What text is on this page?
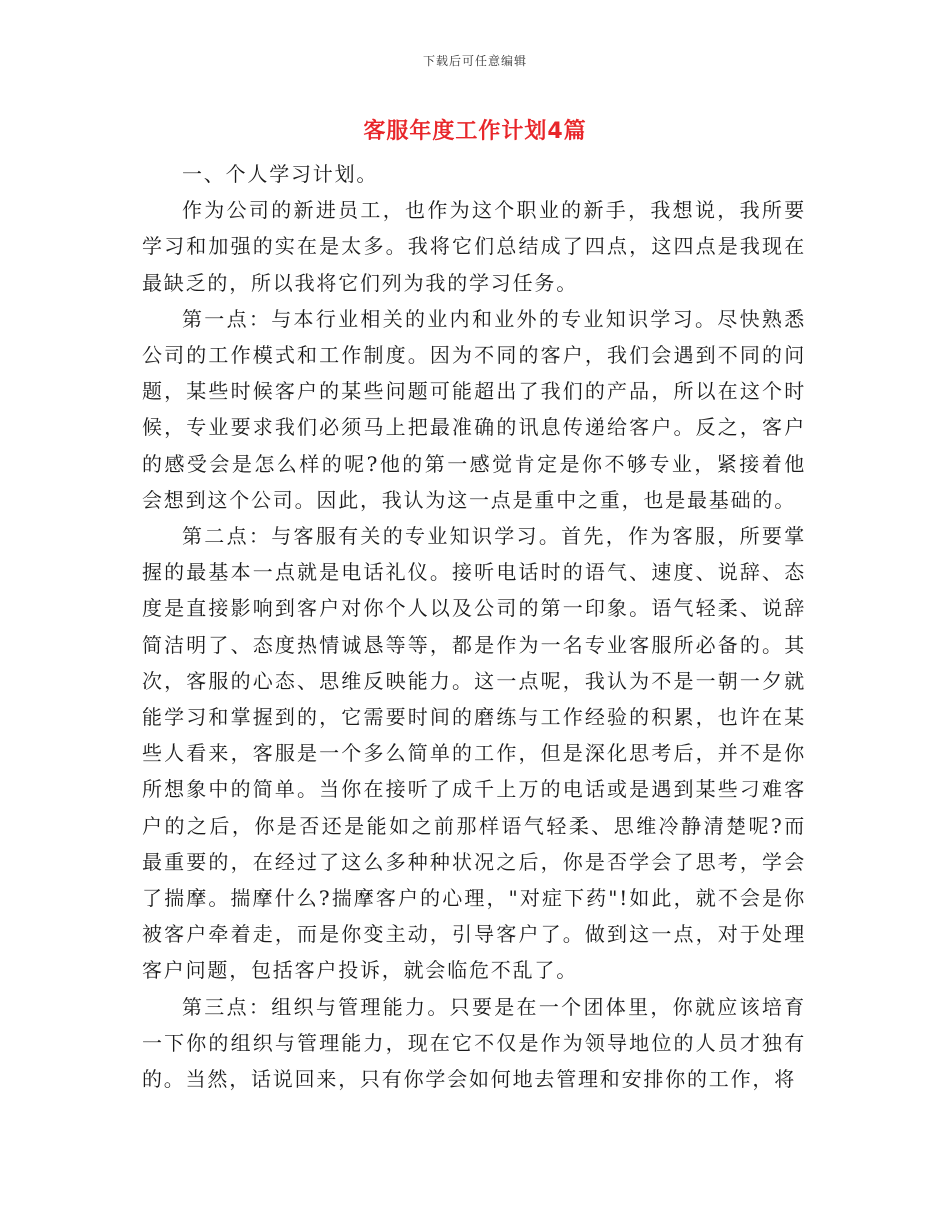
下载后可任意编辑
客服年度工作计划4篇

一、个人学习计划。

作为公司的新进员工，也作为这个职业的新手，我想说，我所要学习和加强的实在是太多。我将它们总结成了四点，这四点是我现在最缺乏的，所以我将它们列为我的学习任务。

第一点：与本行业相关的业内和业外的专业知识学习。尽快熟悉公司的工作模式和工作制度。因为不同的客户，我们会遇到不同的问题，某些时候客户的某些问题可能超出了我们的产品，所以在这个时候，专业要求我们必须马上把最准确的讯息传递给客户。反之，客户的感受会是怎么样的呢?他的第一感觉肯定是你不够专业，紧接着他会想到这个公司。因此，我认为这一点是重中之重，也是最基础的。

第二点：与客服有关的专业知识学习。首先，作为客服，所要掌握的最基本一点就是电话礼仪。接听电话时的语气、速度、说辞、态度是直接影响到客户对你个人以及公司的第一印象。语气轻柔、说辞简洁明了、态度热情诚恳等等，都是作为一名专业客服所必备的。其次，客服的心态、思维反映能力。这一点呢，我认为不是一朝一夕就能学习和掌握到的，它需要时间的磨练与工作经验的积累，也许在某些人看来，客服是一个多么简单的工作，但是深化思考后，并不是你所想象中的简单。当你在接听了成千上万的电话或是遇到某些刁难客户的之后，你是否还是能如之前那样语气轻柔、思维冷静清楚呢?而最重要的，在经过了这么多种种状况之后，你是否学会了思考，学会了揣摩。揣摩什么?揣摩客户的心理，"对症下药"!如此，就不会是你被客户牵着走，而是你变主动，引导客户了。做到这一点，对于处理客户问题，包括客户投诉，就会临危不乱了。

第三点：组织与管理能力。只要是在一个团体里，你就应该培育一下你的组织与管理能力，现在它不仅是作为领导地位的人员才独有的。当然，话说回来，只有你学会如何地去管理和安排你的工作，将
